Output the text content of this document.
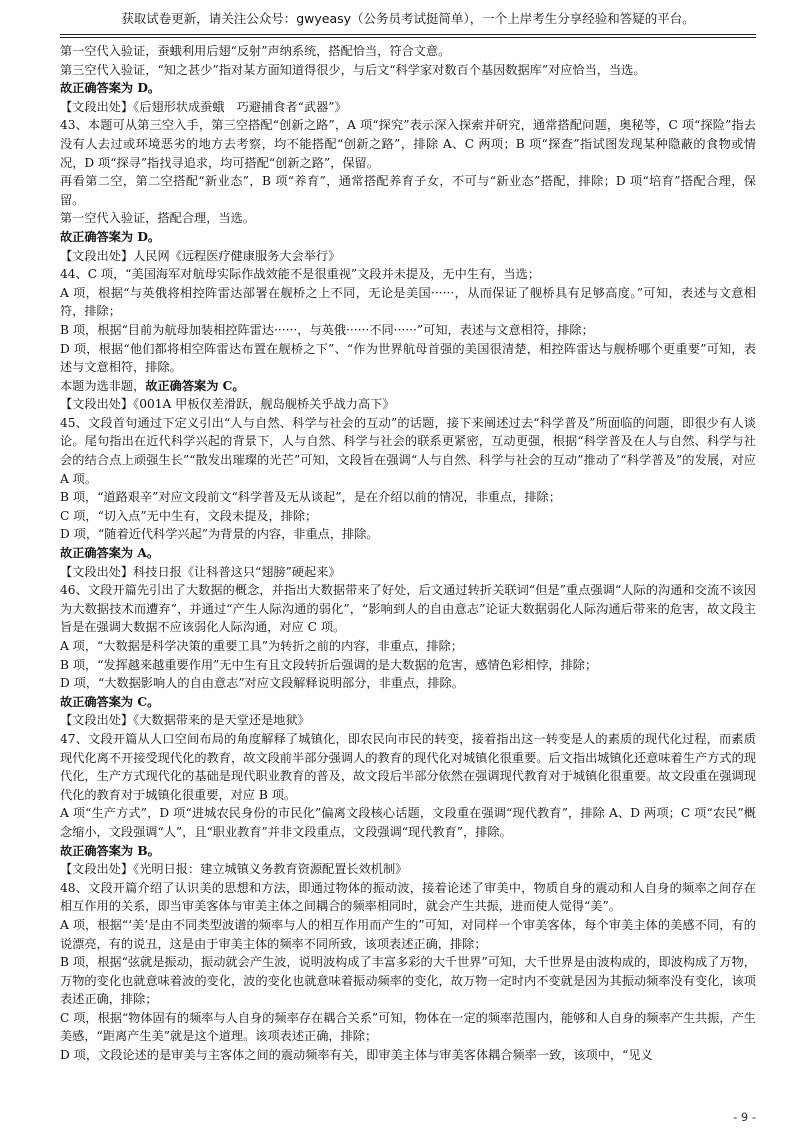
获取试卷更新，请关注公众号：gwyeasy（公务员考试挺简单），一个上岸考生分享经验和答疑的平台。

第一空代入验证，蚕蛾利用后翅“反射”声纳系统，搭配恰当，符合文意。

第三空代入验证，“知之甚少”指对某方面知道得很少，与后文“科学家对数百个基因数据库”对应恰当，当选。

故正确答案为 D。

【文段出处】《后翅形状成蚕蛾　巧避捕食者“武器”》

43、本题可从第三空入手，第三空搭配“创新之路”，A 项“探究”表示深入探索并研究，通常搭配问题，奥秘等，C 项“探险”指去没有人去过或环境恶劣的地方去考察，均不能搭配“创新之路”，排除 A、C 两项；B 项“探查”指试图发现某种隐蔽的食物或情况，D 项“探寻”指找寻追求，均可搭配“创新之路”，保留。

再看第二空，第二空搭配“新业态”，B 项“养育”，通常搭配养育子女，不可与“新业态”搭配，排除；D 项“培育”搭配合理，保留。

第一空代入验证，搭配合理，当选。

故正确答案为 D。

【文段出处】人民网《远程医疗健康服务大会举行》

44、C 项，“美国海军对航母实际作战效能不是很重视”文段并未提及，无中生有，当选；

A 项，根据“与英俄将相控阵雷达部署在舰桥之上不同，无论是美国······，从而保证了舰桥具有足够高度。”可知，表述与文意相符，排除；

B 项，根据“目前为航母加装相控阵雷达······，与英俄······不同······”可知，表述与文意相符，排除；

D 项，根据“他们都将相空阵雷达布置在舰桥之下”、“作为世界航母首强的美国很清楚，相控阵雷达与舰桥哪个更重要”可知，表述与文意相符，排除。

本题为选非题，故正确答案为 C。

【文段出处】《001A 甲板仅差滑跃，舰岛舰桥关乎战力高下》

45、文段首句通过下定义引出“人与自然、科学与社会的互动”的话题，接下来阐述过去“科学普及”所面临的问题，即很少有人谈论。尾句指出在近代科学兴起的背景下，人与自然、科学与社会的联系更紧密，互动更强，根据“科学普及在人与自然、科学与社会的结合点上顽强生长”“散发出璀璨的光芒”可知，文段旨在强调“人与自然、科学与社会的互动”推动了“科学普及”的发展，对应 A 项。

B 项，“道路艰辛”对应文段前文“科学普及无从谈起”，是在介绍以前的情况，非重点，排除；

C 项，“切入点”无中生有，文段未提及，排除；

D 项，“随着近代科学兴起”为背景的内容，非重点，排除。

故正确答案为 A。

【文段出处】科技日报《让科普这只“翅膀”硬起来》

46、文段开篇先引出了大数据的概念，并指出大数据带来了好处，后文通过转折关联词“但是”重点强调“人际的沟通和交流不该因为大数据技术而遭弃”，并通过“产生人际沟通的弱化”，“影响到人的自由意志”论证大数据弱化人际沟通后带来的危害，故文段主旨是在强调大数据不应该弱化人际沟通，对应 C 项。

A 项，“大数据是科学决策的重要工具”为转折之前的内容，非重点，排除；

B 项，“发挥越来越重要作用”无中生有且文段转折后强调的是大数据的危害，感情色彩相悖，排除；

D 项，“大数据影响人的自由意志”对应文段解释说明部分，非重点，排除。

故正确答案为 C。

【文段出处】《大数据带来的是天堂还是地狱》

47、文段开篇从人口空间布局的角度解释了城镇化，即农民向市民的转变，接着指出这一转变是人的素质的现代化过程，而素质现代化离不开接受现代化的教育，故文段前半部分强调人的教育的现代化对城镇化很重要。后文指出城镇化还意味着生产方式的现代化，生产方式现代化的基础是现代职业教育的普及，故文段后半部分依然在强调现代教育对于城镇化很重要。故文段重在强调现代化的教育对于城镇化很重要，对应 B 项。

A 项“生产方式”，D 项“进城农民身份的市民化”偏离文段核心话题，文段重在强调“现代教育”，排除 A、D 两项；C 项“农民”概念缩小，文段强调“人”，且“职业教育”并非文段重点，文段强调“现代教育”，排除。

故正确答案为 B。

【文段出处】《光明日报：建立城镇义务教育资源配置长效机制》

48、文段开篇介绍了认识美的思想和方法，即通过物体的振动波，接着论述了审美中，物质自身的震动和人自身的频率之间存在相互作用的关系，即当审美客体与审美主体之间耦合的频率相同时，就会产生共振，进而使人觉得“美”。

A 项，根据“‘美’是由不同类型波谱的频率与人的相互作用而产生的”可知，对同样一个审美客体，每个审美主体的美感不同，有的说漂亮，有的说丑，这是由于审美主体的频率不同所致，该项表述正确，排除；

B 项，根据“弦就是振动，振动就会产生波，说明波构成了丰富多彩的大千世界”可知，大千世界是由波构成的，即波构成了万物，万物的变化也就意味着波的变化，波的变化也就意味着振动频率的变化，故万物一定时内不变就是因为其振动频率没有变化，该项表述正确，排除；

C 项，根据“物体固有的频率与人自身的频率存在耦合关系”可知，物体在一定的频率范围内，能够和人自身的频率产生共振，产生美感，“距离产生美”就是这个道理。该项表述正确，排除；

D 项，文段论述的是审美与主客体之间的震动频率有关，即审美主体与审美客体耦合频率一致，该项中，“见义

- 9 -
